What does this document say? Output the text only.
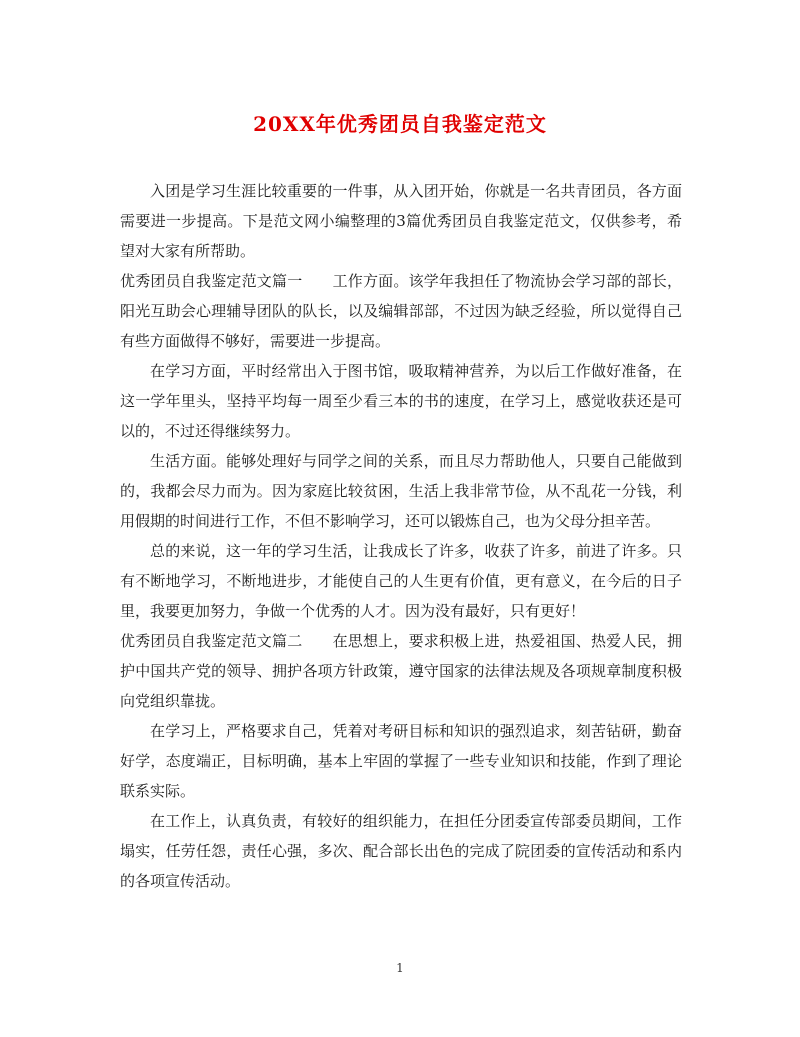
20XX年优秀团员自我鉴定范文

入团是学习生涯比较重要的一件事，从入团开始，你就是一名共青团员，各方面需要进一步提高。下是范文网小编整理的3篇优秀团员自我鉴定范文，仅供参考，希望对大家有所帮助。

优秀团员自我鉴定范文篇一 工作方面。该学年我担任了物流协会学习部的部长，阳光互助会心理辅导团队的队长，以及编辑部部，不过因为缺乏经验，所以觉得自己有些方面做得不够好，需要进一步提高。

在学习方面，平时经常出入于图书馆，吸取精神营养，为以后工作做好准备，在这一学年里头，坚持平均每一周至少看三本的书的速度，在学习上，感觉收获还是可以的，不过还得继续努力。

生活方面。能够处理好与同学之间的关系，而且尽力帮助他人，只要自己能做到的，我都会尽力而为。因为家庭比较贫困，生活上我非常节俭，从不乱花一分钱，利用假期的时间进行工作，不但不影响学习，还可以锻炼自己，也为父母分担辛苦。

总的来说，这一年的学习生活，让我成长了许多，收获了许多，前进了许多。只有不断地学习，不断地进步，才能使自己的人生更有价值，更有意义，在今后的日子里，我要更加努力，争做一个优秀的人才。因为没有最好，只有更好！

优秀团员自我鉴定范文篇二 在思想上，要求积极上进，热爱祖国、热爱人民，拥护中国共产党的领导、拥护各项方针政策，遵守国家的法律法规及各项规章制度积极向党组织靠拢。

在学习上，严格要求自己，凭着对考研目标和知识的强烈追求，刻苦钻研，勤奋好学，态度端正，目标明确，基本上牢固的掌握了一些专业知识和技能，作到了理论联系实际。

在工作上，认真负责，有较好的组织能力，在担任分团委宣传部委员期间，工作塌实，任劳任怨，责任心强，多次、配合部长出色的完成了院团委的宣传活动和系内的各项宣传活动。

1
